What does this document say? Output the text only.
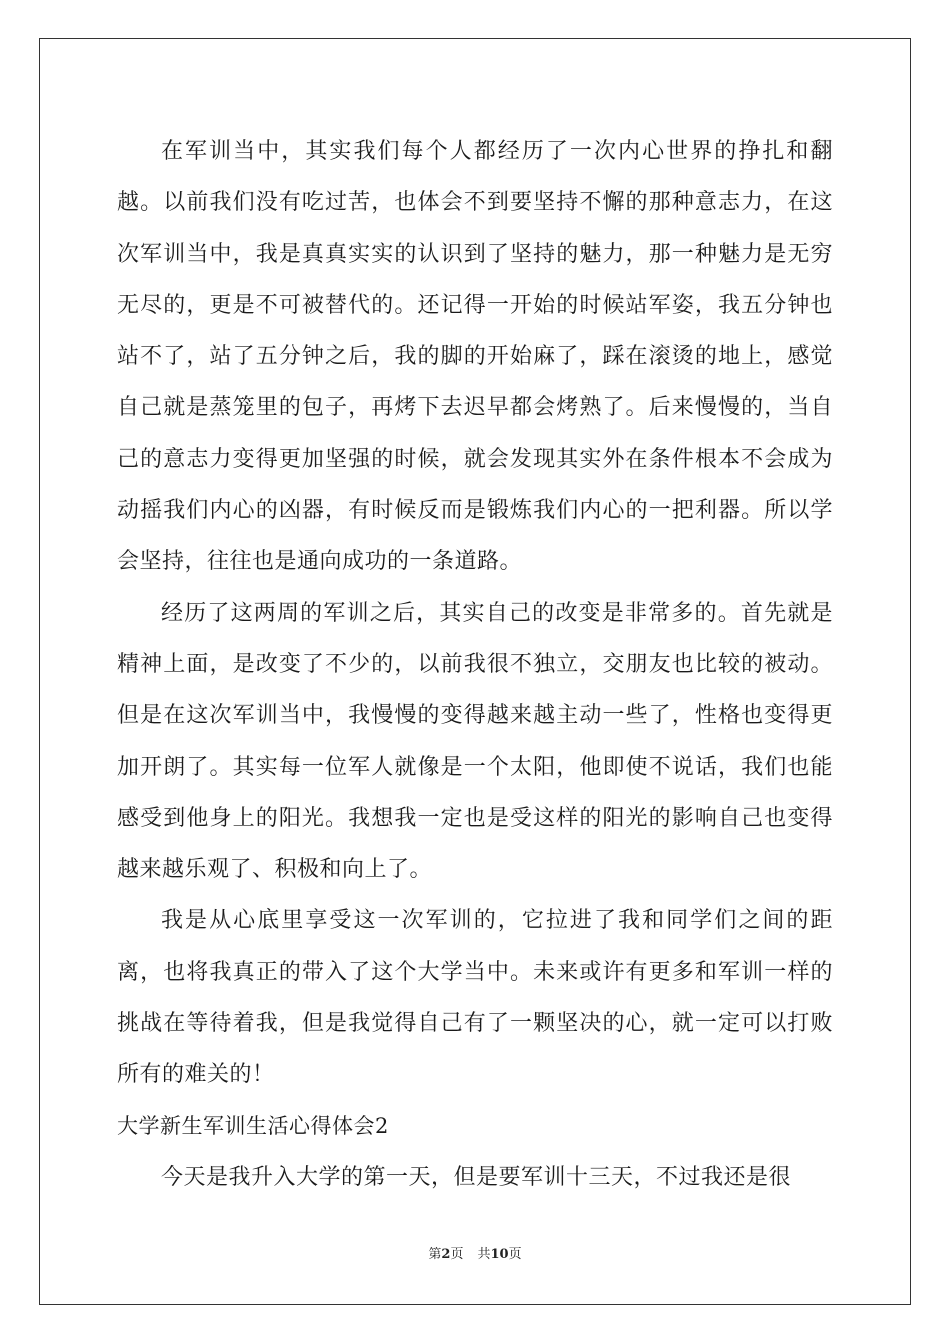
在军训当中，其实我们每个人都经历了一次内心世界的挣扎和翻越。以前我们没有吃过苦，也体会不到要坚持不懈的那种意志力，在这次军训当中，我是真真实实的认识到了坚持的魅力，那一种魅力是无穷无尽的，更是不可被替代的。还记得一开始的时候站军姿，我五分钟也站不了，站了五分钟之后，我的脚的开始麻了，踩在滚烫的地上，感觉自己就是蒸笼里的包子，再烤下去迟早都会烤熟了。后来慢慢的，当自己的意志力变得更加坚强的时候，就会发现其实外在条件根本不会成为动摇我们内心的凶器，有时候反而是锻炼我们内心的一把利器。所以学会坚持，往往也是通向成功的一条道路。

经历了这两周的军训之后，其实自己的改变是非常多的。首先就是精神上面，是改变了不少的，以前我很不独立，交朋友也比较的被动。但是在这次军训当中，我慢慢的变得越来越主动一些了，性格也变得更加开朗了。其实每一位军人就像是一个太阳，他即使不说话，我们也能感受到他身上的阳光。我想我一定也是受这样的阳光的影响自己也变得越来越乐观了、积极和向上了。

我是从心底里享受这一次军训的，它拉进了我和同学们之间的距离，也将我真正的带入了这个大学当中。未来或许有更多和军训一样的挑战在等待着我，但是我觉得自己有了一颗坚决的心，就一定可以打败所有的难关的！

大学新生军训生活心得体会2

今天是我升入大学的第一天，但是要军训十三天，不过我还是很

第2页 共10页
